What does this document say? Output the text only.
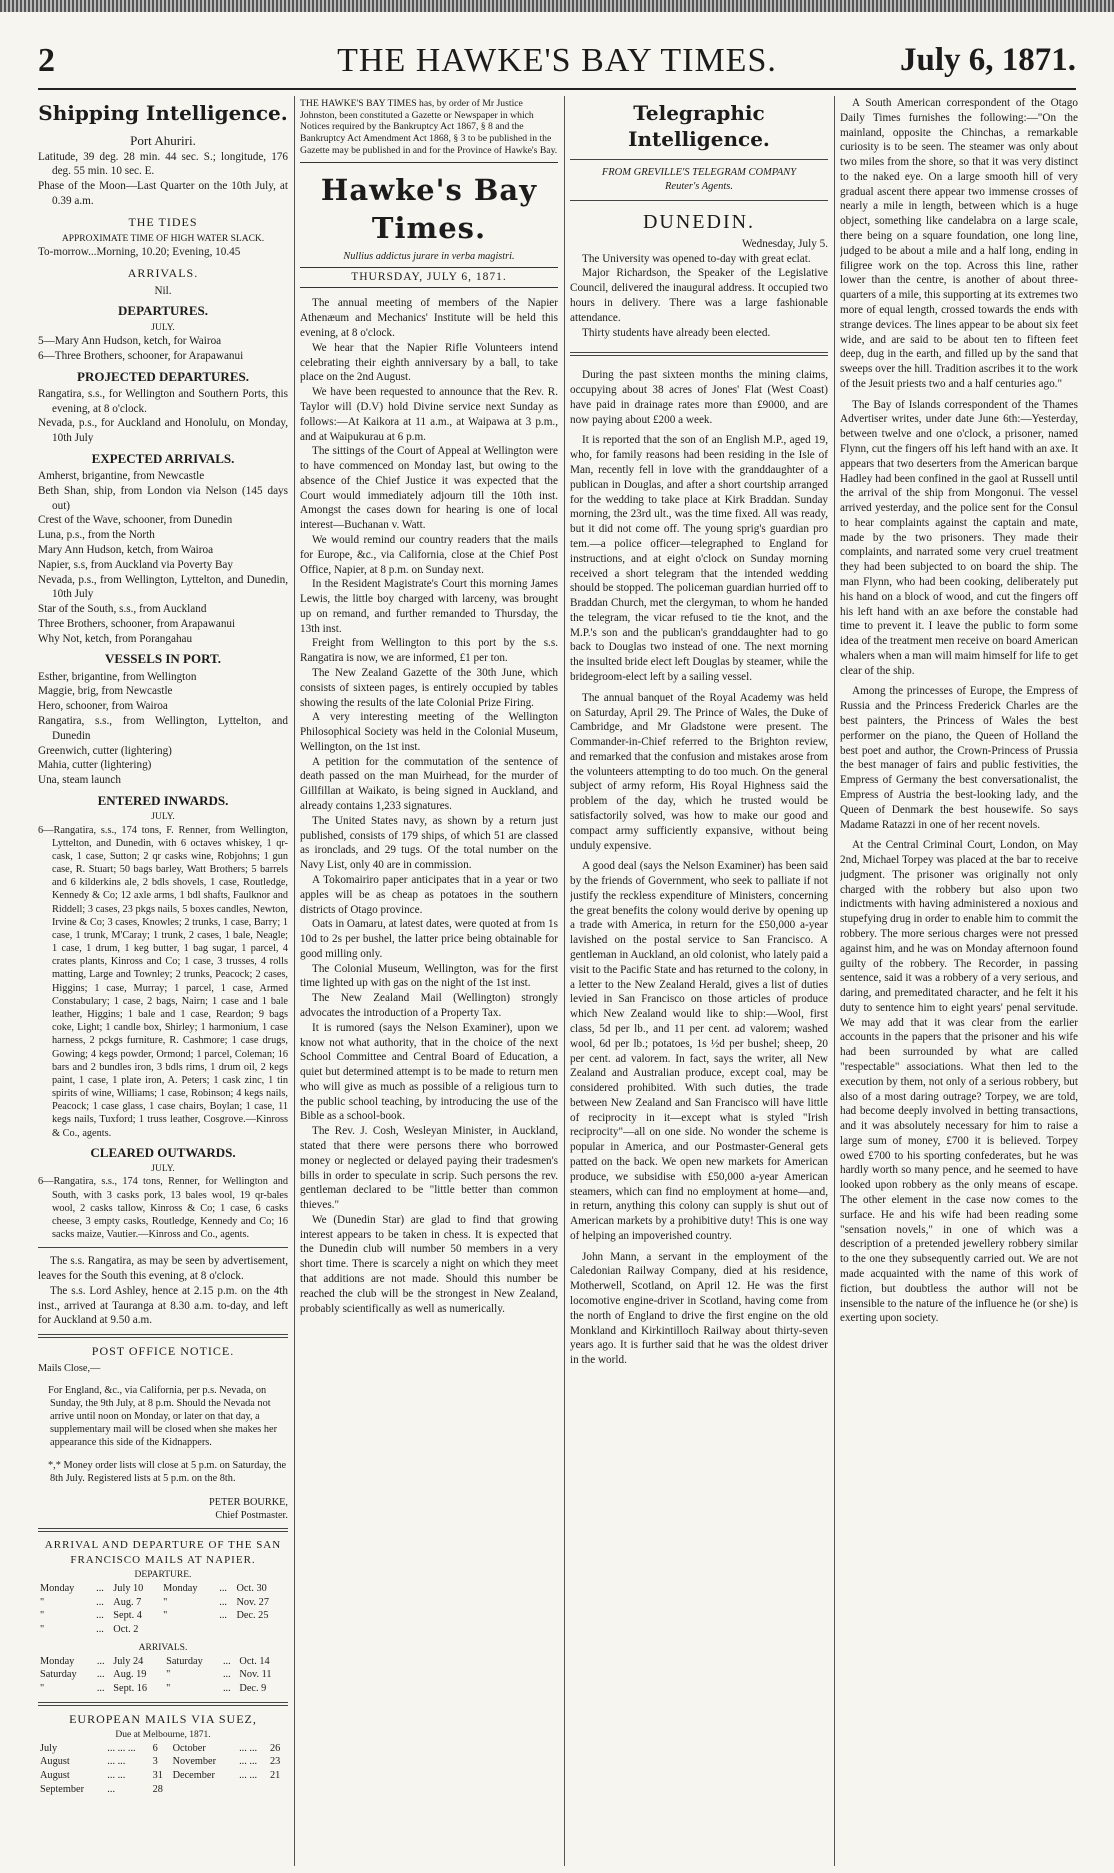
2	THE HAWKE'S BAY TIMES.	July 6, 1871.
Shipping Intelligence.
Port Ahuriri.

Latitude, 39 deg. 28 min. 44 sec. S.; longitude, 176 deg. 55 min. 10 sec. E.

Phase of the Moon—Last Quarter on the 10th July, at 0.39 a.m.

THE TIDES
APPROXIMATE TIME OF HIGH WATER SLACK.

To-morrow...Morning, 10.20; Evening, 10.45

ARRIVALS.
Nil.
DEPARTURES.
JULY.

5—Mary Ann Hudson, ketch, for Wairoa

6—Three Brothers, schooner, for Arapawanui

PROJECTED DEPARTURES.

Rangatira, s.s., for Wellington and Southern Ports, this evening, at 8 o'clock.

Nevada, p.s., for Auckland and Honolulu, on Monday, 10th July

EXPECTED ARRIVALS.

Amherst, brigantine, from Newcastle

Beth Shan, ship, from London via Nelson (145 days out)

Crest of the Wave, schooner, from Dunedin

Luna, p.s., from the North

Mary Ann Hudson, ketch, from Wairoa

Napier, s.s, from Auckland via Poverty Bay

Nevada, p.s., from Wellington, Lyttelton, and Dunedin, 10th July

Star of the South, s.s., from Auckland

Three Brothers, schooner, from Arapawanui

Why Not, ketch, from Porangahau

VESSELS IN PORT.

Esther, brigantine, from Wellington

Maggie, brig, from Newcastle

Hero, schooner, from Wairoa

Rangatira, s.s., from Wellington, Lyttelton, and Dunedin

Greenwich, cutter (lightering)

Mahia, cutter (lightering)

Una, steam launch

ENTERED INWARDS.
JULY.

6—Rangatira, s.s., 174 tons, F. Renner, from Wellington, Lyttelton, and Dunedin, with 6 octaves whiskey, 1 qr-cask, 1 case, Sutton; 2 qr casks wine, Robjohns; 1 gun case, R. Stuart; 50 bags barley, Watt Brothers; 5 barrels and 6 kilderkins ale, 2 bdls shovels, 1 case, Routledge, Kennedy & Co; 12 axle arms, 1 bdl shafts, Faulknor and Riddell; 3 cases, 23 pkgs nails, 5 boxes candles, Newton, Irvine & Co; 3 cases, Knowles; 2 trunks, 1 case, Barry; 1 case, 1 trunk, M'Caray; 1 trunk, 2 cases, 1 bale, Neagle; 1 case, 1 drum, 1 keg butter, 1 bag sugar, 1 parcel, 4 crates plants, Kinross and Co; 1 case, 3 trusses, 4 rolls matting, Large and Townley; 2 trunks, Peacock; 2 cases, Higgins; 1 case, Murray; 1 parcel, 1 case, Armed Constabulary; 1 case, 2 bags, Nairn; 1 case and 1 bale leather, Higgins; 1 bale and 1 case, Reardon; 9 bags coke, Light; 1 candle box, Shirley; 1 harmonium, 1 case harness, 2 pckgs furniture, R. Cashmore; 1 case drugs, Gowing; 4 kegs powder, Ormond; 1 parcel, Coleman; 16 bars and 2 bundles iron, 3 bdls rims, 1 drum oil, 2 kegs paint, 1 case, 1 plate iron, A. Peters; 1 cask zinc, 1 tin spirits of wine, Williams; 1 case, Robinson; 4 kegs nails, Peacock; 1 case glass, 1 case chairs, Boylan; 1 case, 11 kegs nails, Tuxford; 1 truss leather, Cosgrove.—Kinross & Co., agents.

CLEARED OUTWARDS.
JULY.

6—Rangatira, s.s., 174 tons, Renner, for Wellington and South, with 3 casks pork, 13 bales wool, 19 qr-bales wool, 2 casks tallow, Kinross & Co; 1 case, 6 casks cheese, 3 empty casks, Routledge, Kennedy and Co; 16 sacks maize, Vautier.—Kinross and Co., agents.

The s.s. Rangatira, as may be seen by advertisement, leaves for the South this evening, at 8 o'clock.

The s.s. Lord Ashley, hence at 2.15 p.m. on the 4th inst., arrived at Tauranga at 8.30 a.m. to-day, and left for Auckland at 9.50 a.m.

POST OFFICE NOTICE.
Mails Close,—

For England, &c., via California, per p.s. Nevada, on Sunday, the 9th July, at 8 p.m. Should the Nevada not arrive until noon on Monday, or later on that day, a supplementary mail will be closed when she makes her appearance this side of the Kidnappers.

*,* Money order lists will close at 5 p.m. on Saturday, the 8th July. Registered lists at 5 p.m. on the 8th.

PETER BOURKE,
Chief Postmaster.
ARRIVAL AND DEPARTURE OF THE SAN FRANCISCO MAILS AT NAPIER.
DEPARTURE.
Monday	...	July 10	Monday	...	Oct. 30
"	...	Aug. 7	"	...	Nov. 27
"	...	Sept. 4	"	...	Dec. 25
"	...	Oct. 2			
ARRIVALS.
Monday	...	July 24	Saturday	...	Oct. 14
Saturday	...	Aug. 19	"	...	Nov. 11
"	...	Sept. 16	"	...	Dec. 9
EUROPEAN MAILS VIA SUEZ,
Due at Melbourne, 1871.
July	... ... ...	6	October	... ...	26
August	... ...	3	November	... ...	23
August	... ...	31	December	... ...	21
September	...	28			
THE HAWKE'S BAY TIMES has, by order of Mr Justice Johnston, been constituted a Gazette or Newspaper in which Notices required by the Bankruptcy Act 1867, § 8 and the Bankruptcy Act Amendment Act 1868, § 3 to be published in the Gazette may be published in and for the Province of Hawke's Bay.
Hawke's Bay Times.
Nullius addictus jurare in verba magistri.
THURSDAY, JULY 6, 1871.

The annual meeting of members of the Napier Athenæum and Mechanics' Institute will be held this evening, at 8 o'clock.

We hear that the Napier Rifle Volunteers intend celebrating their eighth anniversary by a ball, to take place on the 2nd August.

We have been requested to announce that the Rev. R. Taylor will (D.V) hold Divine service next Sunday as follows:—At Kaikora at 11 a.m., at Waipawa at 3 p.m., and at Waipukurau at 6 p.m.

The sittings of the Court of Appeal at Wellington were to have commenced on Monday last, but owing to the absence of the Chief Justice it was expected that the Court would immediately adjourn till the 10th inst. Amongst the cases down for hearing is one of local interest—Buchanan v. Watt.

We would remind our country readers that the mails for Europe, &c., via California, close at the Chief Post Office, Napier, at 8 p.m. on Sunday next.

In the Resident Magistrate's Court this morning James Lewis, the little boy charged with larceny, was brought up on remand, and further remanded to Thursday, the 13th inst.

Freight from Wellington to this port by the s.s. Rangatira is now, we are informed, £1 per ton.

The New Zealand Gazette of the 30th June, which consists of sixteen pages, is entirely occupied by tables showing the results of the late Colonial Prize Firing.

A very interesting meeting of the Wellington Philosophical Society was held in the Colonial Museum, Wellington, on the 1st inst.

A petition for the commutation of the sentence of death passed on the man Muirhead, for the murder of Gillfillan at Waikato, is being signed in Auckland, and already contains 1,233 signatures.

The United States navy, as shown by a return just published, consists of 179 ships, of which 51 are classed as ironclads, and 29 tugs. Of the total number on the Navy List, only 40 are in commission.

A Tokomairiro paper anticipates that in a year or two apples will be as cheap as potatoes in the southern districts of Otago province.

Oats in Oamaru, at latest dates, were quoted at from 1s 10d to 2s per bushel, the latter price being obtainable for good milling only.

The Colonial Museum, Wellington, was for the first time lighted up with gas on the night of the 1st inst.

The New Zealand Mail (Wellington) strongly advocates the introduction of a Property Tax.

It is rumored (says the Nelson Examiner), upon we know not what authority, that in the choice of the next School Committee and Central Board of Education, a quiet but determined attempt is to be made to return men who will give as much as possible of a religious turn to the public school teaching, by introducing the use of the Bible as a school-book.

The Rev. J. Cosh, Wesleyan Minister, in Auckland, stated that there were persons there who borrowed money or neglected or delayed paying their tradesmen's bills in order to speculate in scrip. Such persons the rev. gentleman declared to be "little better than common thieves."

We (Dunedin Star) are glad to find that growing interest appears to be taken in chess. It is expected that the Dunedin club will number 50 members in a very short time. There is scarcely a night on which they meet that additions are not made. Should this number be reached the club will be the strongest in New Zealand, probably scientifically as well as numerically.

Telegraphic Intelligence.
FROM GREVILLE'S TELEGRAM COMPANY
Reuter's Agents.
DUNEDIN.
Wednesday, July 5.

The University was opened to-day with great eclat.

Major Richardson, the Speaker of the Legislative Council, delivered the inaugural address. It occupied two hours in delivery. There was a large fashionable attendance.

Thirty students have already been elected.

During the past sixteen months the mining claims, occupying about 38 acres of Jones' Flat (West Coast) have paid in drainage rates more than £9000, and are now paying about £200 a week.

It is reported that the son of an English M.P., aged 19, who, for family reasons had been residing in the Isle of Man, recently fell in love with the granddaughter of a publican in Douglas, and after a short courtship arranged for the wedding to take place at Kirk Braddan. Sunday morning, the 23rd ult., was the time fixed. All was ready, but it did not come off. The young sprig's guardian pro tem.—a police officer—telegraphed to England for instructions, and at eight o'clock on Sunday morning received a short telegram that the intended wedding should be stopped. The policeman guardian hurried off to Braddan Church, met the clergyman, to whom he handed the telegram, the vicar refused to tie the knot, and the M.P.'s son and the publican's granddaughter had to go back to Douglas two instead of one. The next morning the insulted bride elect left Douglas by steamer, while the bridegroom-elect left by a sailing vessel.

The annual banquet of the Royal Academy was held on Saturday, April 29. The Prince of Wales, the Duke of Cambridge, and Mr Gladstone were present. The Commander-in-Chief referred to the Brighton review, and remarked that the confusion and mistakes arose from the volunteers attempting to do too much. On the general subject of army reform, His Royal Highness said the problem of the day, which he trusted would be satisfactorily solved, was how to make our good and compact army sufficiently expansive, without being unduly expensive.

A good deal (says the Nelson Examiner) has been said by the friends of Government, who seek to palliate if not justify the reckless expenditure of Ministers, concerning the great benefits the colony would derive by opening up a trade with America, in return for the £50,000 a-year lavished on the postal service to San Francisco. A gentleman in Auckland, an old colonist, who lately paid a visit to the Pacific State and has returned to the colony, in a letter to the New Zealand Herald, gives a list of duties levied in San Francisco on those articles of produce which New Zealand would like to ship:—Wool, first class, 5d per lb., and 11 per cent. ad valorem; washed wool, 6d per lb.; potatoes, 1s ½d per bushel; sheep, 20 per cent. ad valorem. In fact, says the writer, all New Zealand and Australian produce, except coal, may be considered prohibited. With such duties, the trade between New Zealand and San Francisco will have little of reciprocity in it—except what is styled "Irish reciprocity"—all on one side. No wonder the scheme is popular in America, and our Postmaster-General gets patted on the back. We open new markets for American produce, we subsidise with £50,000 a-year American steamers, which can find no employment at home—and, in return, anything this colony can supply is shut out of American markets by a prohibitive duty! This is one way of helping an impoverished country.

John Mann, a servant in the employment of the Caledonian Railway Company, died at his residence, Motherwell, Scotland, on April 12. He was the first locomotive engine-driver in Scotland, having come from the north of England to drive the first engine on the old Monkland and Kirkintilloch Railway about thirty-seven years ago. It is further said that he was the oldest driver in the world.

A South American correspondent of the Otago Daily Times furnishes the following:—"On the mainland, opposite the Chinchas, a remarkable curiosity is to be seen. The steamer was only about two miles from the shore, so that it was very distinct to the naked eye. On a large smooth hill of very gradual ascent there appear two immense crosses of nearly a mile in length, between which is a huge object, something like candelabra on a large scale, there being on a square foundation, one long line, judged to be about a mile and a half long, ending in filigree work on the top. Across this line, rather lower than the centre, is another of about three-quarters of a mile, this supporting at its extremes two more of equal length, crossed towards the ends with strange devices. The lines appear to be about six feet wide, and are said to be about ten to fifteen feet deep, dug in the earth, and filled up by the sand that sweeps over the hill. Tradition ascribes it to the work of the Jesuit priests two and a half centuries ago."

The Bay of Islands correspondent of the Thames Advertiser writes, under date June 6th:—Yesterday, between twelve and one o'clock, a prisoner, named Flynn, cut the fingers off his left hand with an axe. It appears that two deserters from the American barque Hadley had been confined in the gaol at Russell until the arrival of the ship from Mongonui. The vessel arrived yesterday, and the police sent for the Consul to hear complaints against the captain and mate, made by the two prisoners. They made their complaints, and narrated some very cruel treatment they had been subjected to on board the ship. The man Flynn, who had been cooking, deliberately put his hand on a block of wood, and cut the fingers off his left hand with an axe before the constable had time to prevent it. I leave the public to form some idea of the treatment men receive on board American whalers when a man will maim himself for life to get clear of the ship.

Among the princesses of Europe, the Empress of Russia and the Princess Frederick Charles are the best painters, the Princess of Wales the best performer on the piano, the Queen of Holland the best poet and author, the Crown-Princess of Prussia the best manager of fairs and public festivities, the Empress of Germany the best conversationalist, the Empress of Austria the best-looking lady, and the Queen of Denmark the best housewife. So says Madame Ratazzi in one of her recent novels.

At the Central Criminal Court, London, on May 2nd, Michael Torpey was placed at the bar to receive judgment. The prisoner was originally not only charged with the robbery but also upon two indictments with having administered a noxious and stupefying drug in order to enable him to commit the robbery. The more serious charges were not pressed against him, and he was on Monday afternoon found guilty of the robbery. The Recorder, in passing sentence, said it was a robbery of a very serious, and daring, and premeditated character, and he felt it his duty to sentence him to eight years' penal servitude. We may add that it was clear from the earlier accounts in the papers that the prisoner and his wife had been surrounded by what are called "respectable" associations. What then led to the execution by them, not only of a serious robbery, but also of a most daring outrage? Torpey, we are told, had become deeply involved in betting transactions, and it was absolutely necessary for him to raise a large sum of money, £700 it is believed. Torpey owed £700 to his sporting confederates, but he was hardly worth so many pence, and he seemed to have looked upon robbery as the only means of escape. The other element in the case now comes to the surface. He and his wife had been reading some "sensation novels," in one of which was a description of a pretended jewellery robbery similar to the one they subsequently carried out. We are not made acquainted with the name of this work of fiction, but doubtless the author will not be insensible to the nature of the influence he (or she) is exerting upon society.
